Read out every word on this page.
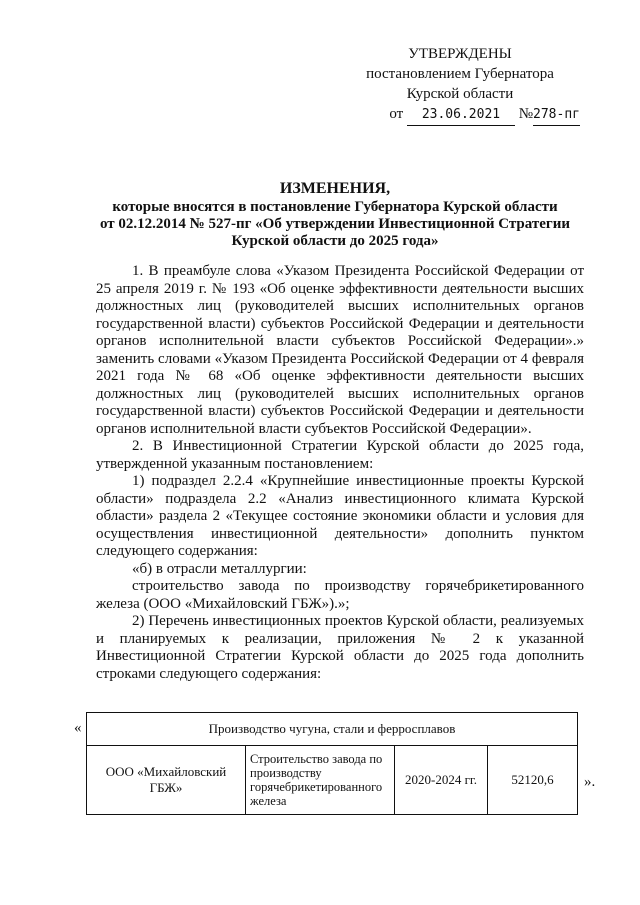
УТВЕРЖДЕНЫ
постановлением Губернатора
Курской области
от 23.06.2021 №278-пг
ИЗМЕНЕНИЯ,
которые вносятся в постановление Губернатора Курской области
от 02.12.2014 № 527-пг «Об утверждении Инвестиционной Стратегии
Курской области до 2025 года»

1. В преамбуле слова «Указом Президента Российской Федерации от 25 апреля 2019 г. № 193 «Об оценке эффективности деятельности высших должностных лиц (руководителей высших исполнительных органов государственной власти) субъектов Российской Федерации и деятельности органов исполнительной власти субъектов Российской Федерации».» заменить словами «Указом Президента Российской Федерации от 4 февраля 2021 года № 68 «Об оценке эффективности деятельности высших должностных лиц (руководителей высших исполнительных органов государственной власти) субъектов Российской Федерации и деятельности органов исполнительной власти субъектов Российской Федерации».

2. В Инвестиционной Стратегии Курской области до 2025 года, утвержденной указанным постановлением:

1) подраздел 2.2.4 «Крупнейшие инвестиционные проекты Курской области» подраздела 2.2 «Анализ инвестиционного климата Курской области» раздела 2 «Текущее состояние экономики области и условия для осуществления инвестиционной деятельности» дополнить пунктом следующего содержания:

«б) в отрасли металлургии:

строительство завода по производству горячебрикетированного железа (ООО «Михайловский ГБЖ»).»;

2) Перечень инвестиционных проектов Курской области, реализуемых и планируемых к реализации, приложения № 2 к указанной Инвестиционной Стратегии Курской области до 2025 года дополнить строками следующего содержания:

«	Производство чугуна, стали и ферросплавов
ООО «Михайловский ГБЖ»	Строительство завода по производству горячебрикетированного железа	2020-2024 гг.	52120,6 ».
